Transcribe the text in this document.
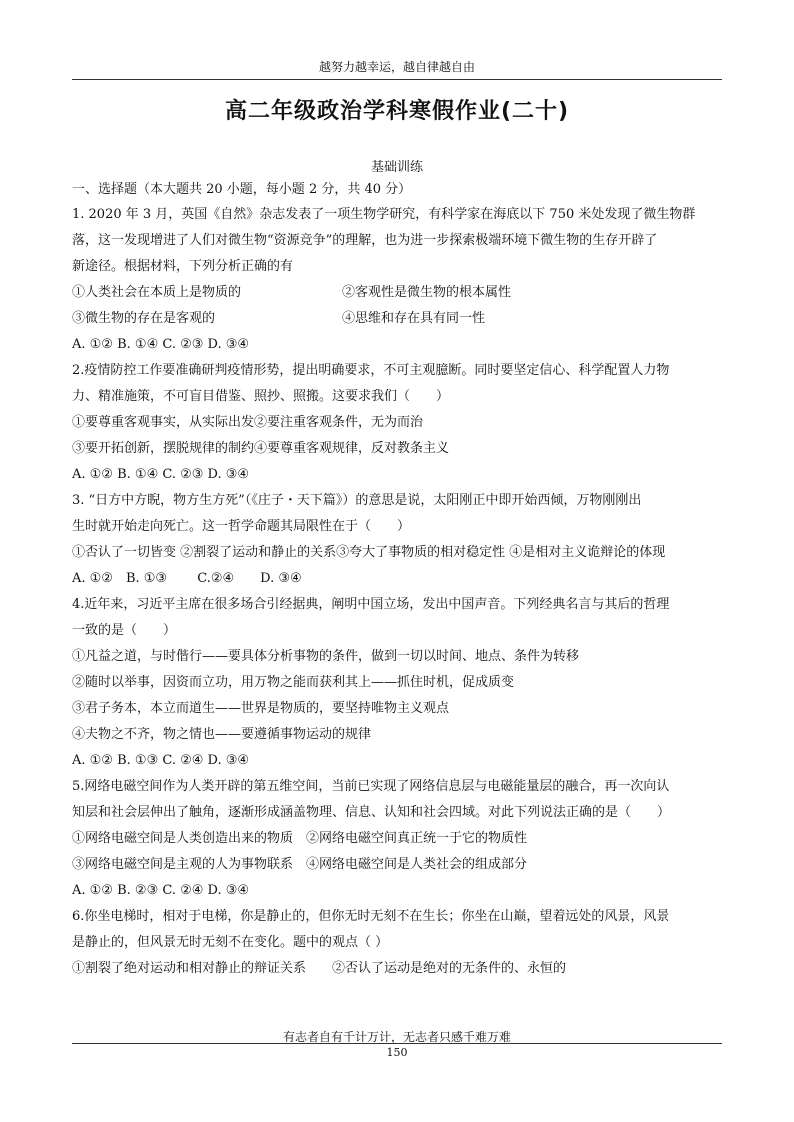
越努力越幸运，越自律越自由
高二年级政治学科寒假作业(二十)
基础训练
一、选择题（本大题共 20 小题，每小题 2 分，共 40 分）
1. 2020 年 3 月，英国《自然》杂志发表了一项生物学研究，有科学家在海底以下 750 米处发现了微生物群
落，这一发现增进了人们对微生物“资源竞争”的理解，也为进一步探索极端环境下微生物的生存开辟了
新途径。根据材料，下列分析正确的有
①人类社会在本质上是物质的	②客观性是微生物的根本属性
③微生物的存在是客观的	④思维和存在具有同一性
A. ①② B. ①④ C. ②③ D. ③④
2.疫情防控工作要准确研判疫情形势，提出明确要求，不可主观臆断。同时要坚定信心、科学配置人力物
力、精准施策，不可盲目借鉴、照抄、照搬。这要求我们（　　）
①要尊重客观事实，从实际出发②要注重客观条件，无为而治
③要开拓创新，摆脱规律的制约④要尊重客观规律，反对教条主义
A. ①② B. ①④ C. ②③ D. ③④
3. “日方中方睨，物方生方死”（《庄子・天下篇》）的意思是说，太阳刚正中即开始西倾，万物刚刚出
生时就开始走向死亡。这一哲学命题其局限性在于（　　）
①否认了一切皆变 ②割裂了运动和静止的关系③夸大了事物质的相对稳定性 ④是相对主义诡辩论的体现
A. ①②　B. ①③　　 C.②④　　D. ③④
4.近年来，习近平主席在很多场合引经据典，阐明中国立场，发出中国声音。下列经典名言与其后的哲理
一致的是（　　）
①凡益之道，与时偕行——要具体分析事物的条件，做到一切以时间、地点、条件为转移
②随时以举事，因资而立功，用万物之能而获利其上——抓住时机，促成质变
③君子务本，本立而道生——世界是物质的，要坚持唯物主义观点
④夫物之不齐，物之情也——要遵循事物运动的规律
A. ①② B. ①③ C. ②④ D. ③④
5.网络电磁空间作为人类开辟的第五维空间，当前已实现了网络信息层与电磁能量层的融合，再一次向认
知层和社会层伸出了触角，逐渐形成涵盖物理、信息、认知和社会四域。对此下列说法正确的是（　　）
①网络电磁空间是人类创造出来的物质　②网络电磁空间真正统一于它的物质性
③网络电磁空间是主观的人为事物联系　④网络电磁空间是人类社会的组成部分
A. ①② B. ②③ C. ②④ D. ③④
6.你坐电梯时，相对于电梯，你是静止的，但你无时无刻不在生长；你坐在山巅，望着远处的风景，风景
是静止的，但风景无时无刻不在变化。题中的观点（ ）
①割裂了绝对运动和相对静止的辩证关系　　②否认了运动是绝对的无条件的、永恒的
有志者自有千计万计，无志者只感千难万难
150
